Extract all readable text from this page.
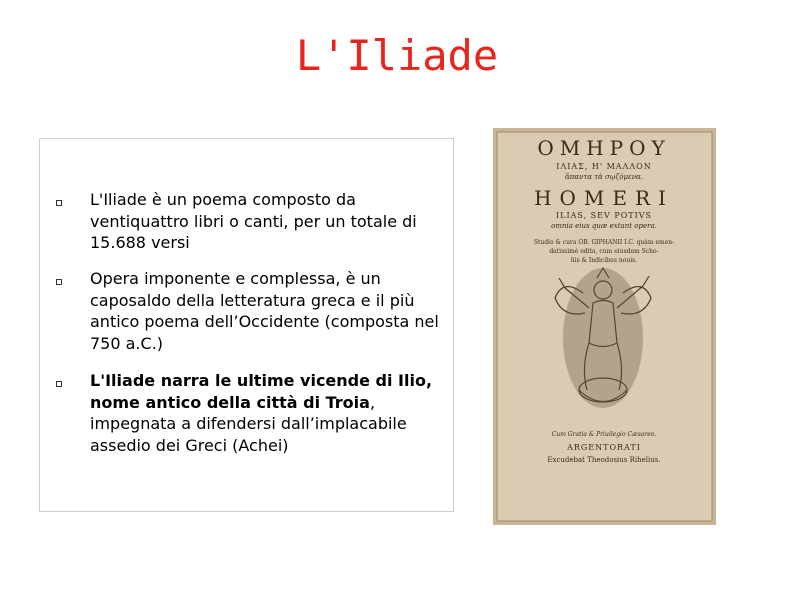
L'Iliade
L'Iliade è un poema composto da ventiquattro libri o canti, per un totale di 15.688 versi
Opera imponente e complessa, è un caposaldo della letteratura greca e il più antico poema dell’Occidente (composta nel 750 a.C.)
L'Iliade narra le ultime vicende di Ilio, nome antico della città di Troia, impegnata a difendersi dall’implacabile assedio dei Greci (Achei)
ΟΜΗΡΟΥ
ΙΛΙΑΣ, Η' ΜΑΛΛΟΝ
ἅπαντα τὰ σῳζόμενα.
HOMERI
ILIAS, SEV POTIVS
omnia eius quæ extant opera.
Studio & cura OB. GIPHANII I.C. quàm emen-
datissimè edita, cum eiusdem Scho-
liis & Indicibus nouis.
Cum Gratia & Priuilegio Cæsareo.
ARGENTORATI
Excudebat Theodosius Rihelius.
